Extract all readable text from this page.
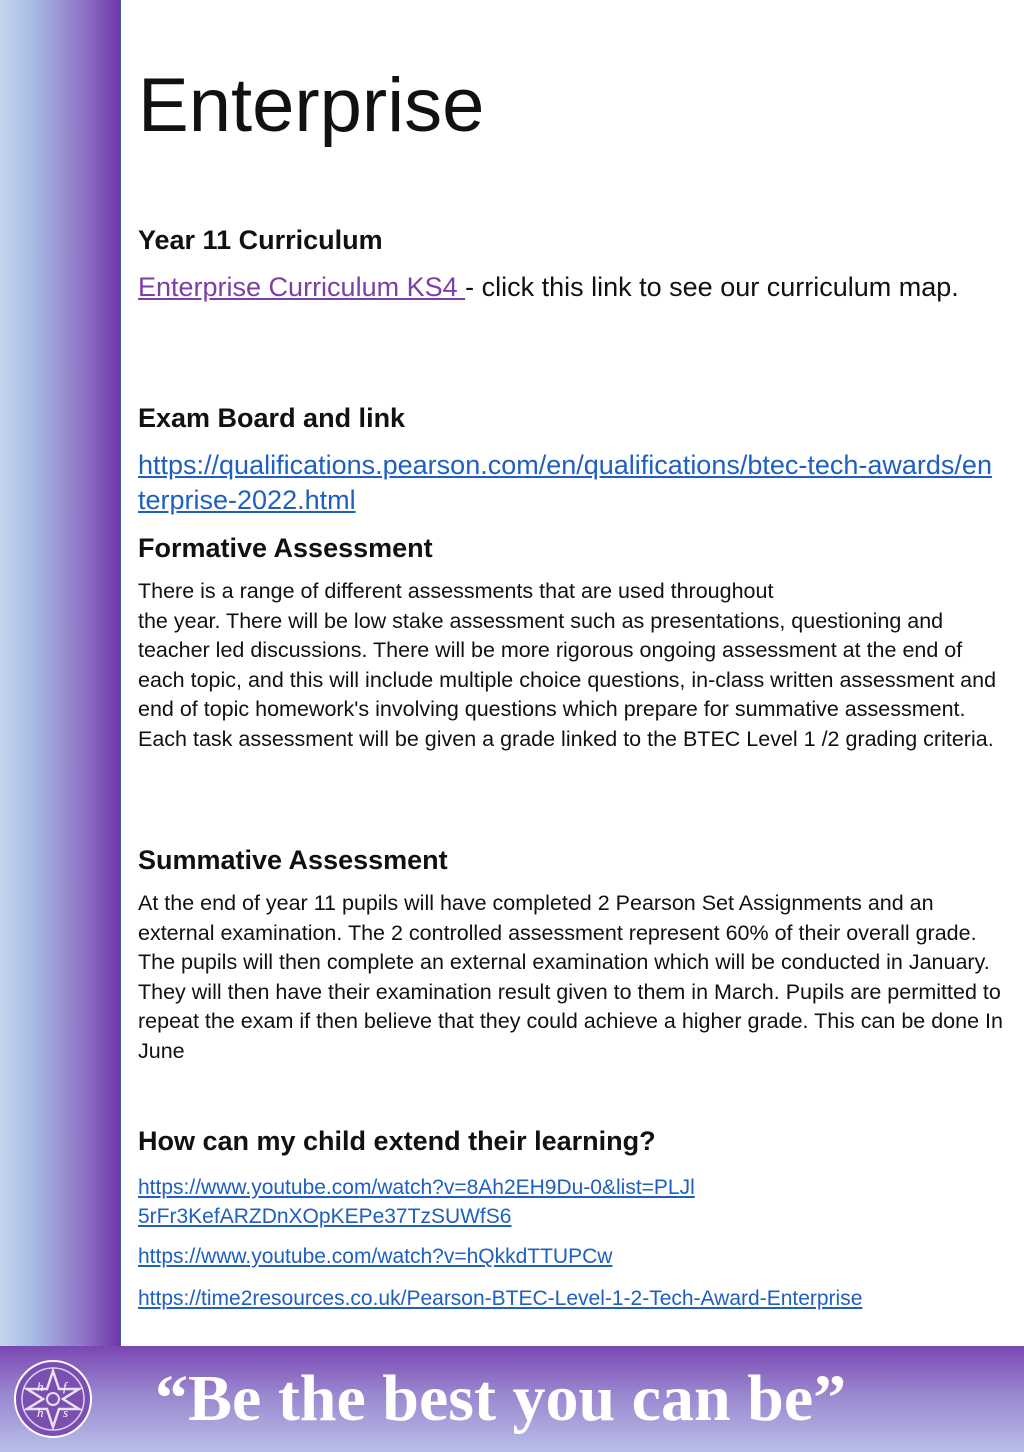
Enterprise
Year 11 Curriculum

Enterprise Curriculum KS4 - click this link to see our curriculum map.

Exam Board and link

https://qualifications.pearson.com/en/qualifications/btec-tech-awards/enterprise-2022.html

Formative Assessment
There is a range of different assessments that are used throughout
the year. There will be low stake assessment such as presentations, questioning and teacher led discussions. There will be more rigorous ongoing assessment at the end of each topic, and this will include multiple choice questions, in-class written assessment and end of topic homework's involving questions which prepare for summative assessment. Each task assessment will be given a grade linked to the BTEC Level 1 /2 grading criteria.
Summative Assessment

At the end of year 11 pupils will have completed 2 Pearson Set Assignments and an external examination. The 2 controlled assessment represent 60% of their overall grade. The pupils will then complete an external examination which will be conducted in January. They will then have their examination result given to them in March. Pupils are permitted to repeat the exam if then believe that they could achieve a higher grade. This can be done In June

How can my child extend their learning?

https://www.youtube.com/watch?v=8Ah2EH9Du-0&list=PLJl5rFr3KefARZDnXOpKEPe37TzSUWfS6

https://www.youtube.com/watch?v=hQkkdTTUPCw

https://time2resources.co.uk/Pearson-BTEC-Level-1-2-Tech-Award-Enterprise

h f
h s “Be the best you can be”
